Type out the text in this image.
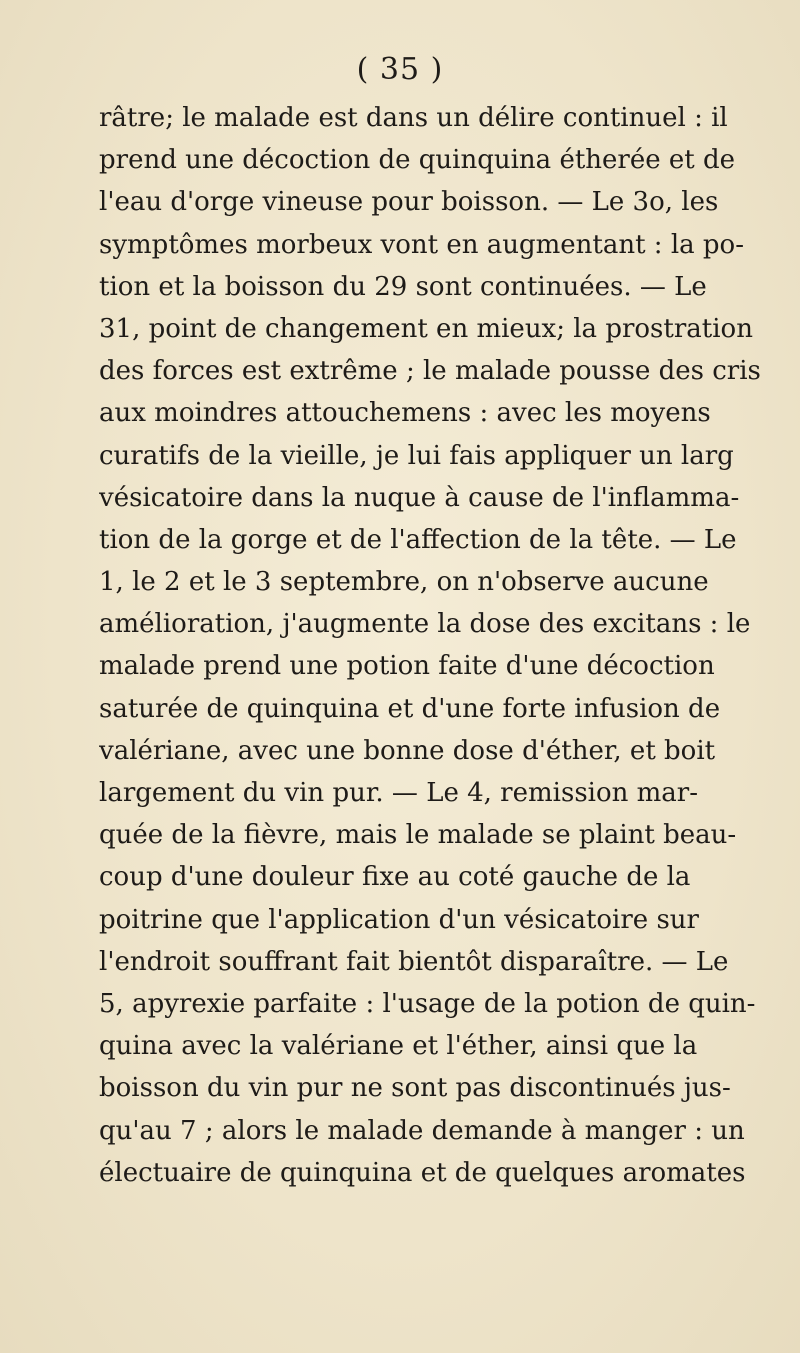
( 35 )
râtre; le malade est dans un délire continuel : il
prend une décoction de quinquina étherée et de
l'eau d'orge vineuse pour boisson. — Le 3o, les
symptômes morbeux vont en augmentant : la po-
tion et la boisson du 29 sont continuées. — Le
31, point de changement en mieux; la prostration
des forces est extrême ; le malade pousse des cris
aux moindres attouchemens : avec les moyens
curatifs de la vieille, je lui fais appliquer un larg
vésicatoire dans la nuque à cause de l'inflamma-
tion de la gorge et de l'affection de la tête. — Le
1, le 2 et le 3 septembre, on n'observe aucune
amélioration, j'augmente la dose des excitans : le
malade prend une potion faite d'une décoction
saturée de quinquina et d'une forte infusion de
valériane, avec une bonne dose d'éther, et boit
largement du vin pur. — Le 4, remission mar-
quée de la fièvre, mais le malade se plaint beau-
coup d'une douleur fixe au coté gauche de la
poitrine que l'application d'un vésicatoire sur
l'endroit souffrant fait bientôt disparaître. — Le
5, apyrexie parfaite : l'usage de la potion de quin-
quina avec la valériane et l'éther, ainsi que la
boisson du vin pur ne sont pas discontinués jus-
qu'au 7 ; alors le malade demande à manger : un
électuaire de quinquina et de quelques aromates
